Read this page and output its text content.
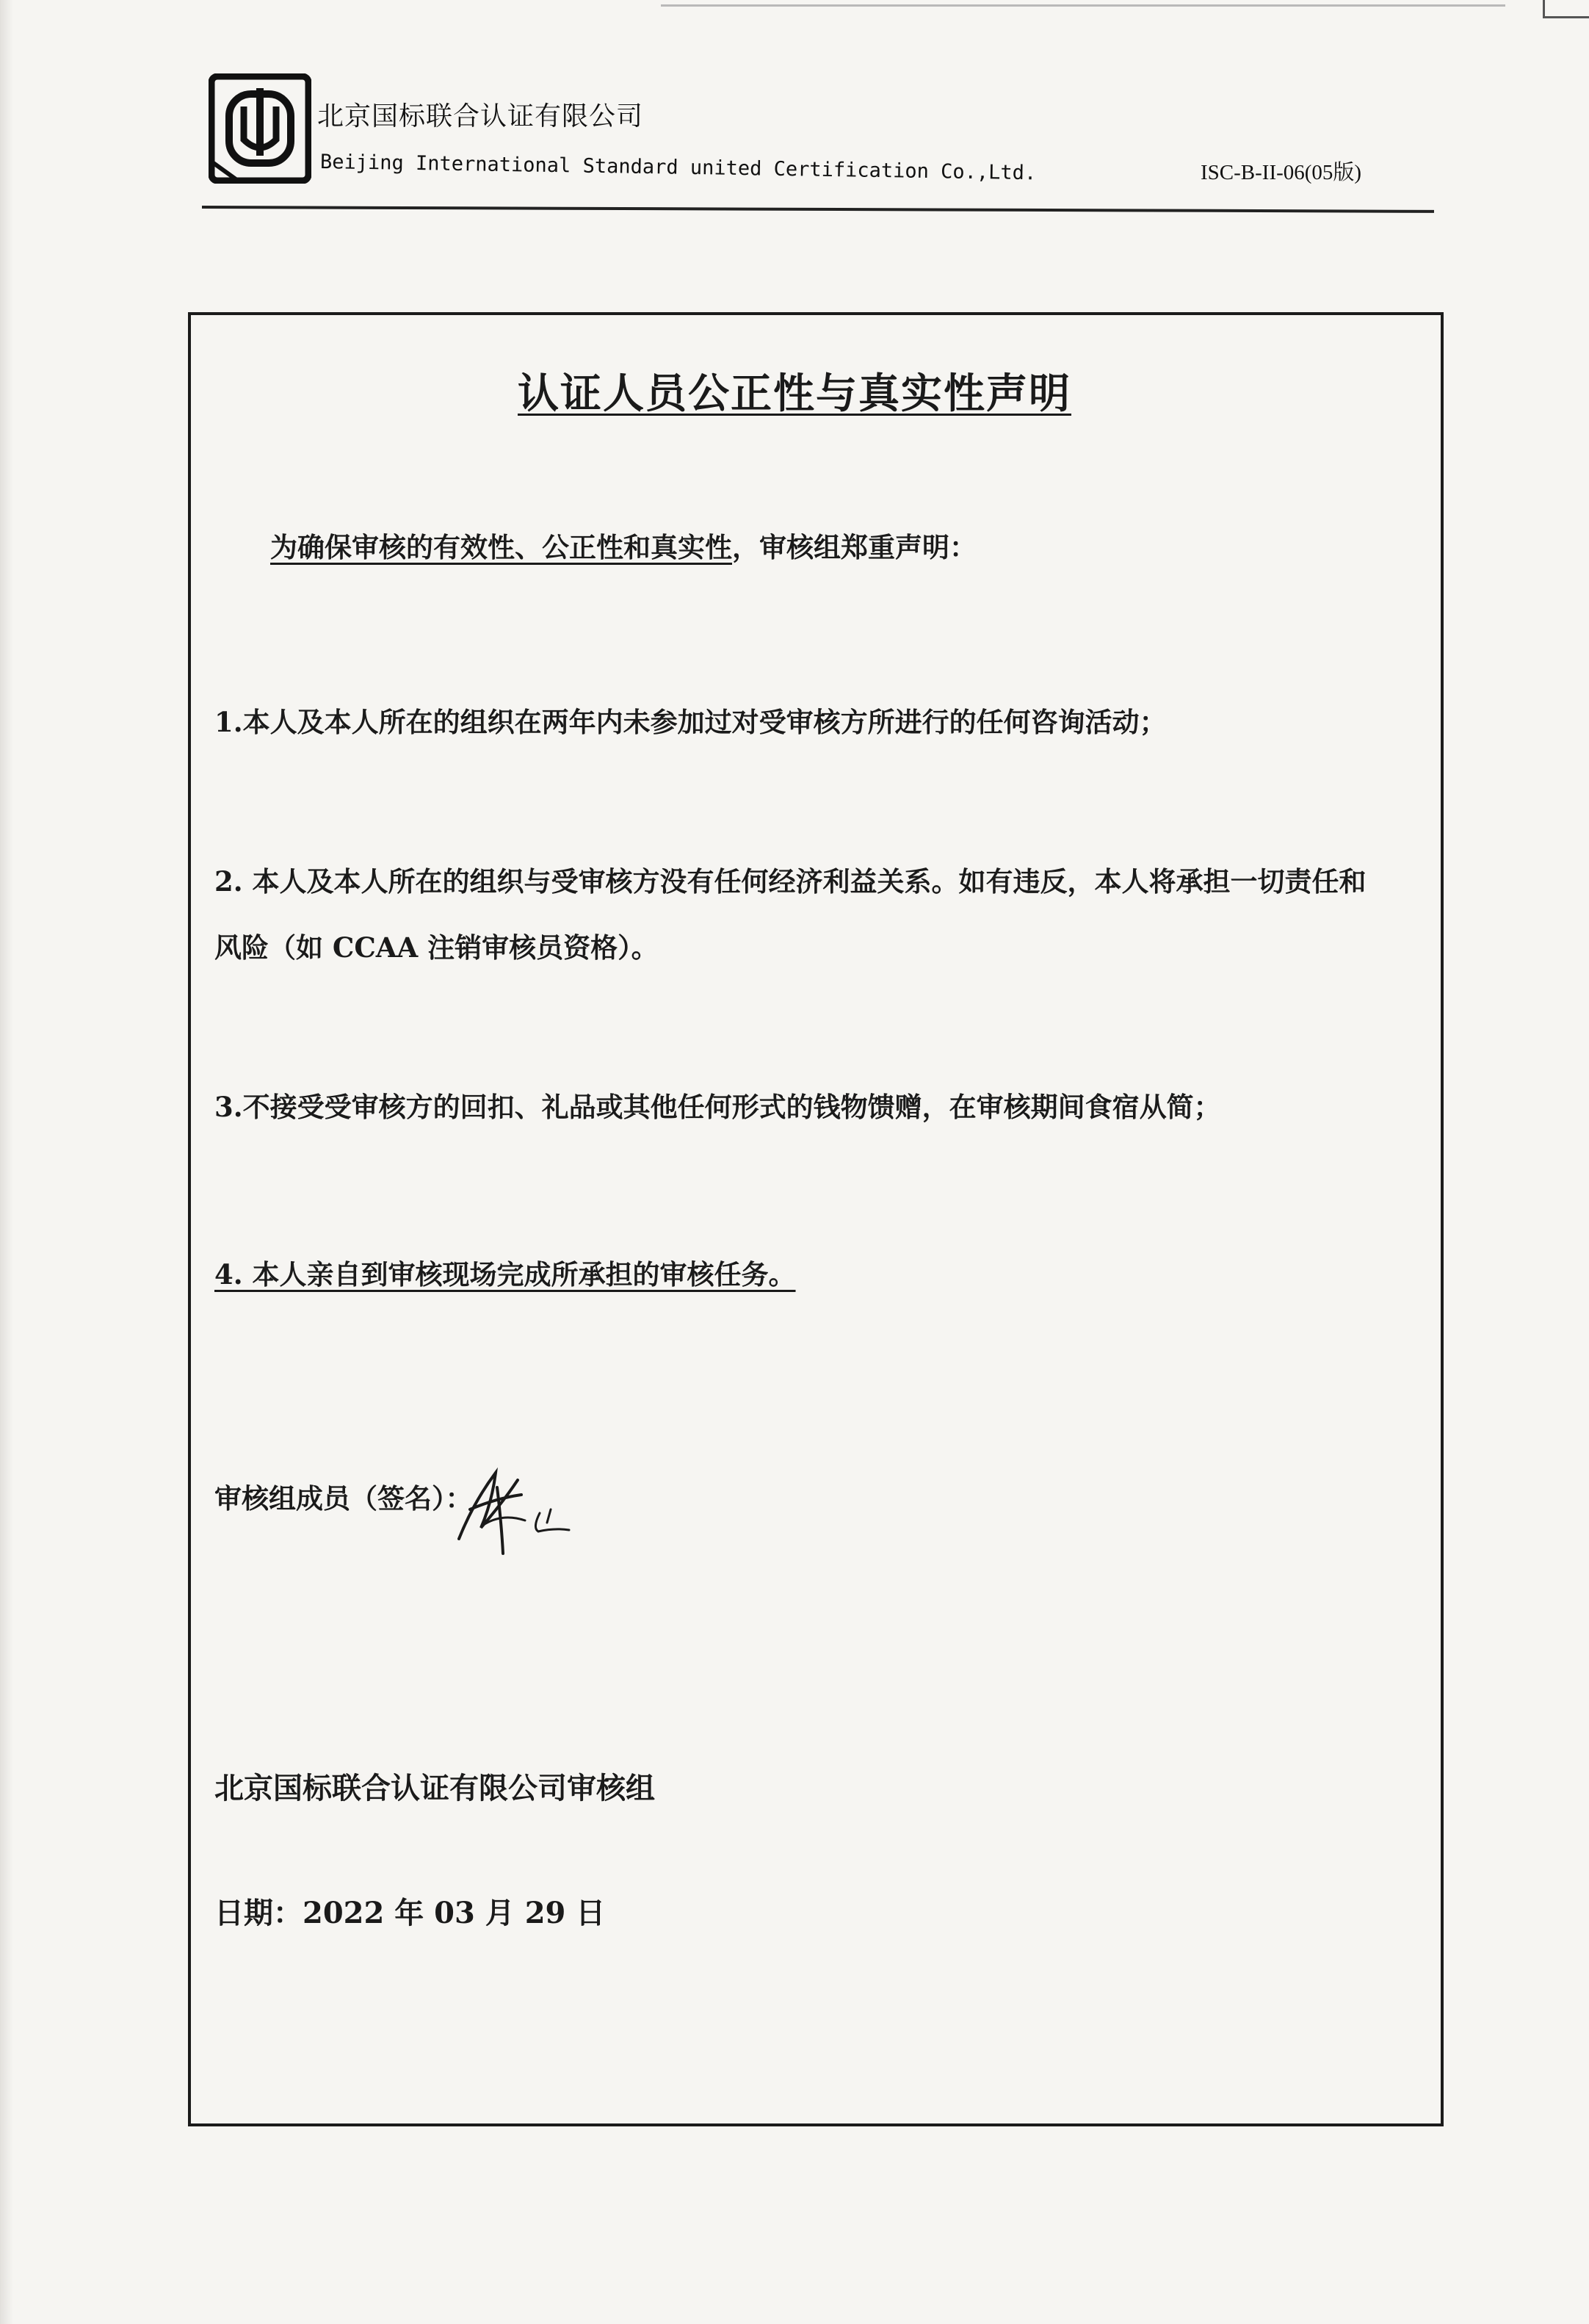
北京国标联合认证有限公司
Beijing International Standard united Certification Co.,Ltd.	ISC-B-II-06(05版)
认证人员公正性与真实性声明
为确保审核的有效性、公正性和真实性，审核组郑重声明：
1.本人及本人所在的组织在两年内未参加过对受审核方所进行的任何咨询活动；
2. 本人及本人所在的组织与受审核方没有任何经济利益关系。如有违反，本人将承担一切责任和
风险（如 CCAA 注销审核员资格）。
3.不接受受审核方的回扣、礼品或其他任何形式的钱物馈赠，在审核期间食宿从简；
4. 本人亲自到审核现场完成所承担的审核任务。
审核组成员（签名）：
北京国标联合认证有限公司审核组
日期：2022 年 03 月 29 日
